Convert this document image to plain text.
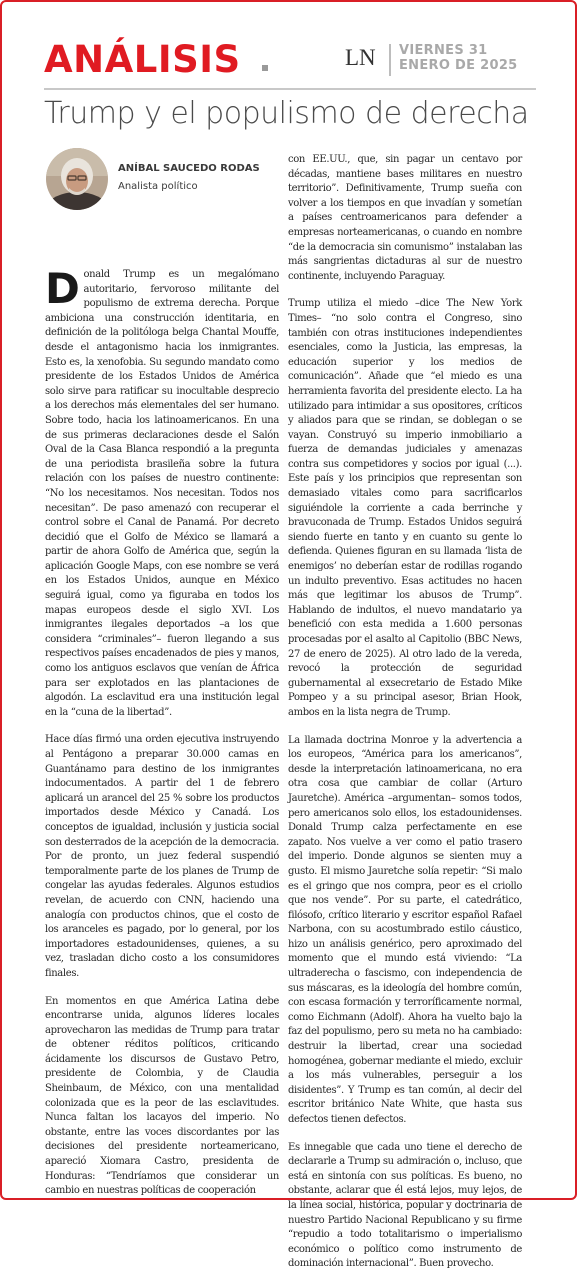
ANÁLISIS	LN VIERNES 31
ENERO DE 2025
Trump y el populismo de derecha
ANÍBAL SAUCEDO RODAS
Analista político

Donald Trump es un megalómano autoritario, fervoroso militante del populismo de extrema derecha. Porque ambiciona una construcción identitaria, en definición de la politóloga belga Chantal Mouffe, desde el antagonismo hacia los inmigrantes. Esto es, la xenofobia. Su segundo mandato como presidente de los Estados Unidos de América solo sirve para ratificar su inocultable desprecio a los derechos más elementales del ser humano. Sobre todo, hacia los latinoamericanos. En una de sus primeras declaraciones desde el Salón Oval de la Casa Blanca respondió a la pregunta de una periodista brasileña sobre la futura relación con los países de nuestro continente: “No los necesitamos. Nos necesitan. Todos nos necesitan”. De paso amenazó con recuperar el control sobre el Canal de Panamá. Por decreto decidió que el Golfo de México se llamará a partir de ahora Golfo de América que, según la aplicación Google Maps, con ese nombre se verá en los Estados Unidos, aunque en México seguirá igual, como ya figuraba en todos los mapas europeos desde el siglo XVI. Los inmigrantes ilegales deportados –a los que considera “criminales”– fueron llegando a sus respectivos países encadenados de pies y manos, como los antiguos esclavos que venían de África para ser explotados en las plantaciones de algodón. La esclavitud era una institución legal en la “cuna de la libertad”.

Hace días firmó una orden ejecutiva instruyendo al Pentágono a preparar 30.000 camas en Guantánamo para destino de los inmigrantes indocumentados. A partir del 1 de febrero aplicará un arancel del 25 % sobre los productos importados desde México y Canadá. Los conceptos de igualdad, inclusión y justicia social son desterrados de la acepción de la democracia. Por de pronto, un juez federal suspendió temporalmente parte de los planes de Trump de congelar las ayudas federales. Algunos estudios revelan, de acuerdo con CNN, haciendo una analogía con productos chinos, que el costo de los aranceles es pagado, por lo general, por los importadores estadounidenses, quienes, a su vez, trasladan dicho costo a los consumidores finales.

En momentos en que América Latina debe encontrarse unida, algunos líderes locales aprovecharon las medidas de Trump para tratar de obtener réditos políticos, criticando ácidamente los discursos de Gustavo Petro, presidente de Colombia, y de Claudia Sheinbaum, de México, con una mentalidad colonizada que es la peor de las esclavitudes. Nunca faltan los lacayos del imperio. No obstante, entre las voces discordantes por las decisiones del presidente norteamericano, apareció Xiomara Castro, presidenta de Honduras: “Tendríamos que considerar un cambio en nuestras políticas de cooperación

con EE.UU., que, sin pagar un centavo por décadas, mantiene bases militares en nuestro territorio”. Definitivamente, Trump sueña con volver a los tiempos en que invadían y sometían a países centroamericanos para defender a empresas norteamericanas, o cuando en nombre “de la democracia sin comunismo” instalaban las más sangrientas dictaduras al sur de nuestro continente, incluyendo Paraguay.

Trump utiliza el miedo –dice The New York Times– “no solo contra el Congreso, sino también con otras instituciones independientes esenciales, como la Justicia, las empresas, la educación superior y los medios de comunicación”. Añade que “el miedo es una herramienta favorita del presidente electo. La ha utilizado para intimidar a sus opositores, críticos y aliados para que se rindan, se doblegan o se vayan. Construyó su imperio inmobiliario a fuerza de demandas judiciales y amenazas contra sus competidores y socios por igual (...). Este país y los principios que representan son demasiado vitales como para sacrificarlos siguiéndole la corriente a cada berrinche y bravuconada de Trump. Estados Unidos seguirá siendo fuerte en tanto y en cuanto su gente lo defienda. Quienes figuran en su llamada ‘lista de enemigos’ no deberían estar de rodillas rogando un indulto preventivo. Esas actitudes no hacen más que legitimar los abusos de Trump”. Hablando de indultos, el nuevo mandatario ya benefició con esta medida a 1.600 personas procesadas por el asalto al Capitolio (BBC News, 27 de enero de 2025). Al otro lado de la vereda, revocó la protección de seguridad gubernamental al exsecretario de Estado Mike Pompeo y a su principal asesor, Brian Hook, ambos en la lista negra de Trump.

La llamada doctrina Monroe y la advertencia a los europeos, “América para los americanos”, desde la interpretación latinoamericana, no era otra cosa que cambiar de collar (Arturo Jauretche). América –argumentan– somos todos, pero americanos solo ellos, los estadounidenses. Donald Trump calza perfectamente en ese zapato. Nos vuelve a ver como el patio trasero del imperio. Donde algunos se sienten muy a gusto. El mismo Jauretche solía repetir: “Si malo es el gringo que nos compra, peor es el criollo que nos vende”. Por su parte, el catedrático, filósofo, crítico literario y escritor español Rafael Narbona, con su acostumbrado estilo cáustico, hizo un análisis genérico, pero aproximado del momento que el mundo está viviendo: “La ultraderecha o fascismo, con independencia de sus máscaras, es la ideología del hombre común, con escasa formación y terroríficamente normal, como Eichmann (Adolf). Ahora ha vuelto bajo la faz del populismo, pero su meta no ha cambiado: destruir la libertad, crear una sociedad homogénea, gobernar mediante el miedo, excluir a los más vulnerables, perseguir a los disidentes”. Y Trump es tan común, al decir del escritor británico Nate White, que hasta sus defectos tienen defectos.

Es innegable que cada uno tiene el derecho de declararle a Trump su admiración o, incluso, que está en sintonía con sus políticas. Es bueno, no obstante, aclarar que él está lejos, muy lejos, de la línea social, histórica, popular y doctrinaria de nuestro Partido Nacional Republicano y su firme “repudio a todo totalitarismo o imperialismo económico o político como instrumento de dominación internacional”. Buen provecho.
